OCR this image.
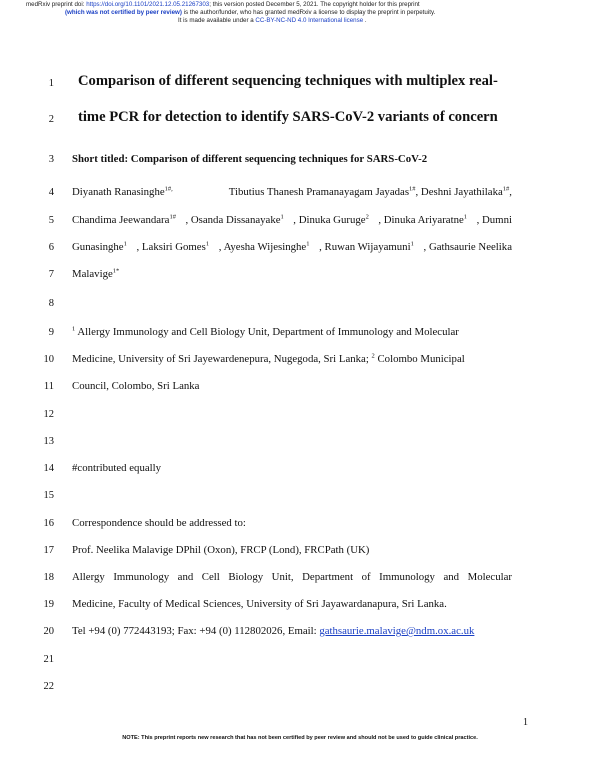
medRxiv preprint doi: https://doi.org/10.1101/2021.12.05.21267303; this version posted December 5, 2021. The copyright holder for this preprint
(which was not certified by peer review) is the author/funder, who has granted medRxiv a license to display the preprint in perpetuity.
It is made available under a CC-BY-NC-ND 4.0 International license .
1 Comparison of different sequencing techniques with multiplex real-
2 time PCR for detection to identify SARS-CoV-2 variants of concern
3 Short titled: Comparison of different sequencing techniques for SARS-CoV-2
4 Diyanath Ranasinghe$^{1\#,}$	Tibutius Thanesh Pramanayagam Jayadas$^{1\#}$, Deshni Jayathilaka$^{1\#}$,
5 Chandima Jeewandara$^{1\#}$ , Osanda Dissanayake$^1$ , Dinuka Guruge$^2$ , Dinuka Ariyaratne$^1$ , Dumni
6 Gunasinghe$^1$ , Laksiri Gomes$^1$ , Ayesha Wijesinghe$^1$ , Ruwan Wijayamuni$^1$ , Gathsaurie Neelika
7 Malavige$^{1*}$
8
9	$^1$ Allergy Immunology and Cell Biology Unit, Department of Immunology and Molecular
10 Medicine, University of Sri Jayewardenepura, Nugegoda, Sri Lanka; $^2$ Colombo Municipal
11 Council, Colombo, Sri Lanka
12
13
14 #contributed equally
15
16 Correspondence should be addressed to:
17 Prof. Neelika Malavige DPhil (Oxon), FRCP (Lond), FRCPath (UK)
18 Allergy Immunology and Cell Biology Unit, Department of Immunology and Molecular
19 Medicine, Faculty of Medical Sciences, University of Sri Jayawardanapura, Sri Lanka.
20 Tel +94 (0) 772443193; Fax: +94 (0) 112802026, Email: gathsaurie.malavige@ndm.ox.ac.uk
21
22
1
NOTE: This preprint reports new research that has not been certified by peer review and should not be used to guide clinical practice.
